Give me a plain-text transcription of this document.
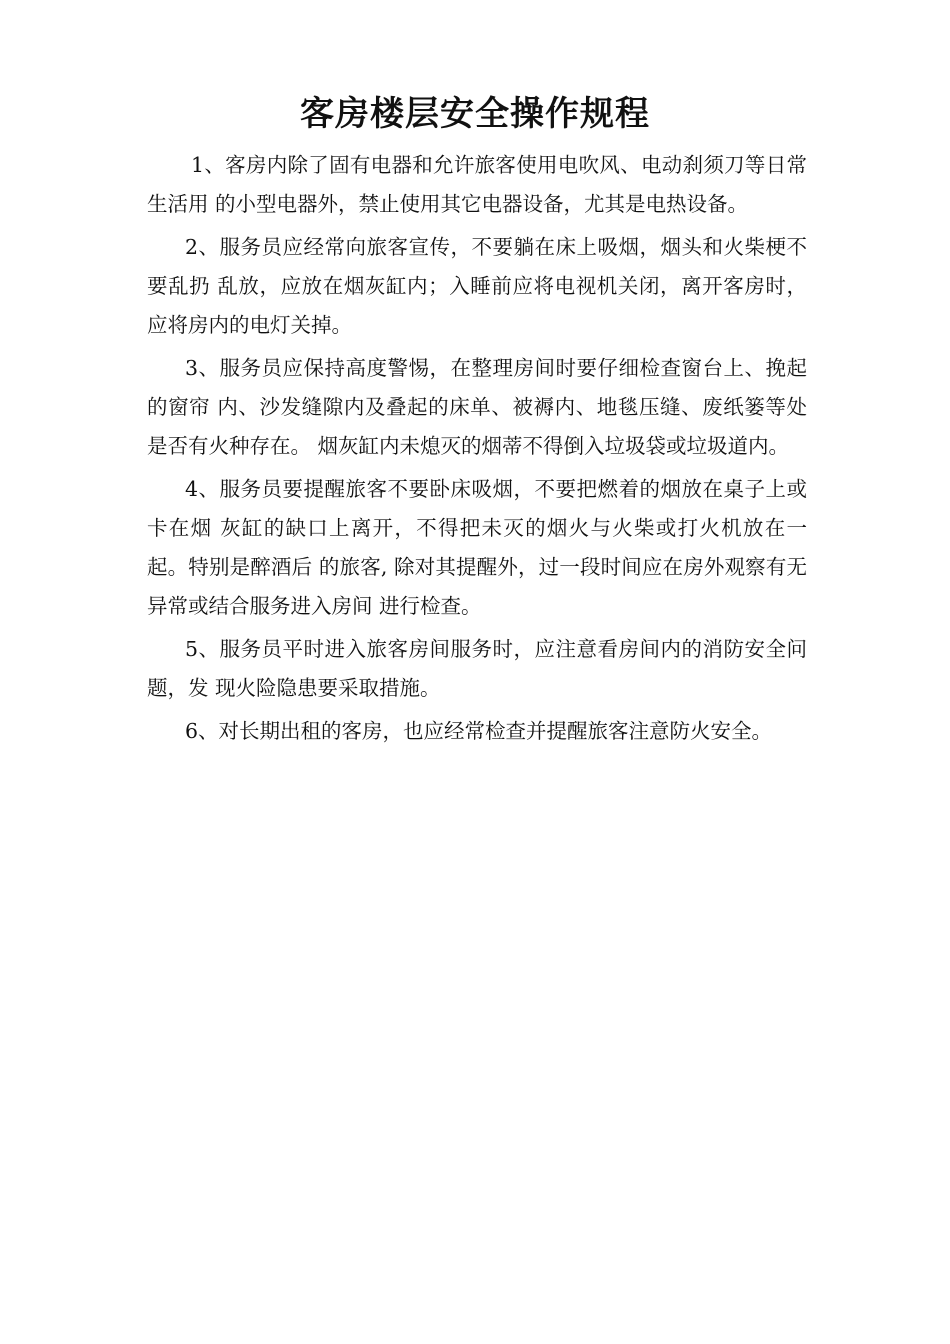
客房楼层安全操作规程

1、客房内除了固有电器和允许旅客使用电吹风、电动刹须刀等日常生活用 的小型电器外，禁止使用其它电器设备，尤其是电热设备。

2、服务员应经常向旅客宣传，不要躺在床上吸烟，烟头和火柴梗不要乱扔 乱放，应放在烟灰缸内；入睡前应将电视机关闭，离开客房时，应将房内的电灯关掉。

3、服务员应保持高度警惕，在整理房间时要仔细检查窗台上、挽起的窗帘 内、沙发缝隙内及叠起的床单、被褥内、地毯压缝、废纸篓等处是否有火种存在。 烟灰缸内未熄灭的烟蒂不得倒入垃圾袋或垃圾道内。

4、服务员要提醒旅客不要卧床吸烟，不要把燃着的烟放在桌子上或卡在烟 灰缸的缺口上离开，不得把未灭的烟火与火柴或打火机放在一起。特别是醉酒后 的旅客, 除对其提醒外，过一段时间应在房外观察有无异常或结合服务进入房间 进行检查。

5、服务员平时进入旅客房间服务时，应注意看房间内的消防安全问题，发 现火险隐患要采取措施。

6、对长期出租的客房，也应经常检查并提醒旅客注意防火安全。
